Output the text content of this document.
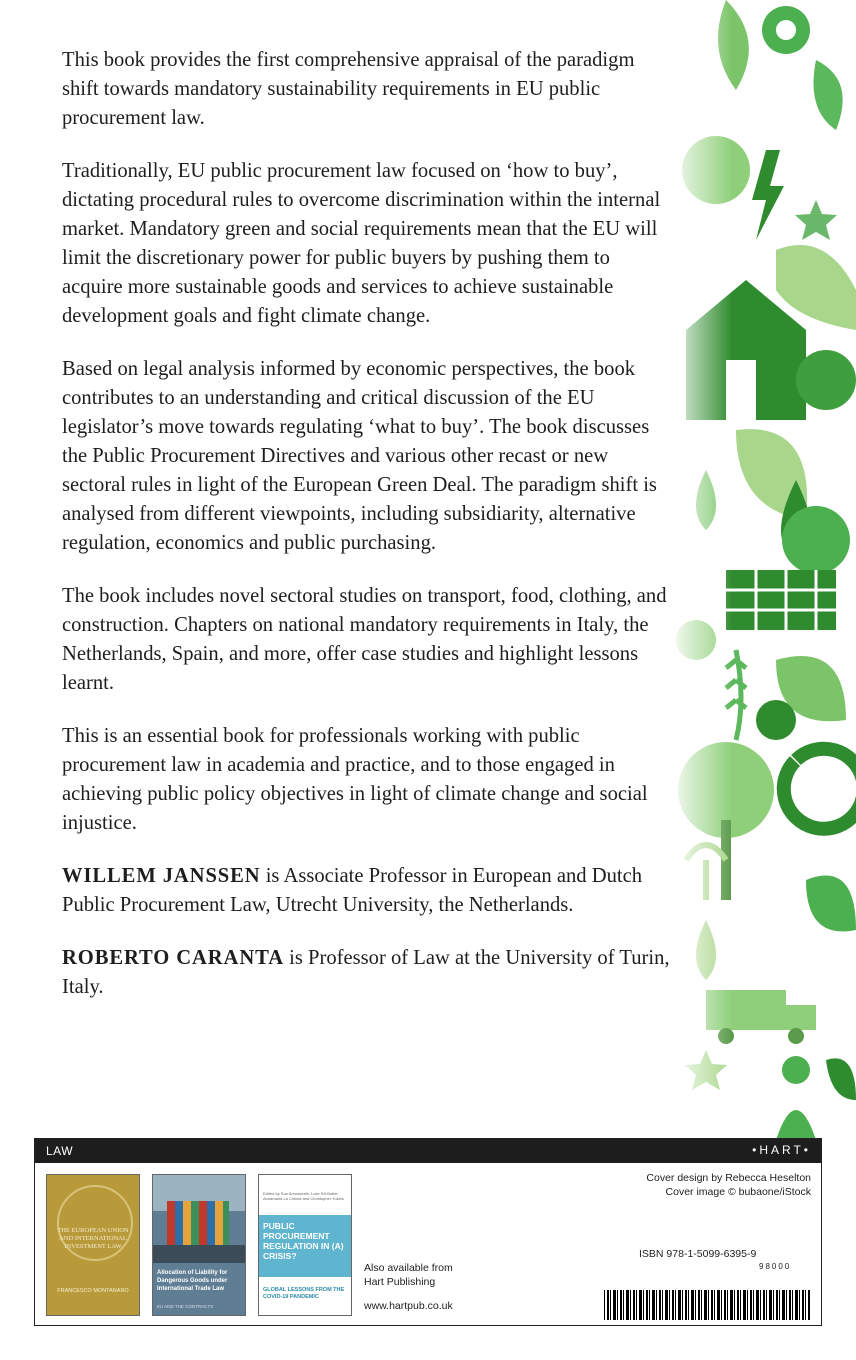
This book provides the first comprehensive appraisal of the paradigm shift towards mandatory sustainability requirements in EU public procurement law.

Traditionally, EU public procurement law focused on ‘how to buy’, dictating procedural rules to overcome discrimination within the internal market. Mandatory green and social requirements mean that the EU will limit the discretionary power for public buyers by pushing them to acquire more sustainable goods and services to achieve sustainable development goals and fight climate change.

Based on legal analysis informed by economic perspectives, the book contributes to an understanding and critical discussion of the EU legislator’s move towards regulating ‘what to buy’. The book discusses the Public Procurement Directives and various other recast or new sectoral rules in light of the European Green Deal. The paradigm shift is analysed from different viewpoints, including subsidiarity, alternative regulation, economics and public purchasing.

The book includes novel sectoral studies on transport, food, clothing, and construction. Chapters on national mandatory requirements in Italy, the Netherlands, Spain, and more, offer case studies and highlight lessons learnt.

This is an essential book for professionals working with public procurement law in academia and practice, and to those engaged in achieving public policy objectives in light of climate change and social injustice.

WILLEM JANSSEN is Associate Professor in European and Dutch Public Procurement Law, Utrecht University, the Netherlands.

ROBERTO CARANTA is Professor of Law at the University of Turin, Italy.

LAW	•HART•
THE EUROPEAN UNION AND INTERNATIONAL INVESTMENT LAW
FRANCESCO MONTANARO
Allocation of Liability for Dangerous Goods under International Trade Law
EU AND THE CONTRACTS
Edited by Sue Arrowsmith, Luke RA Butler, Annamaria La Chimia and Christopher Yukins
PUBLIC PROCUREMENT REGULATION IN (A) CRISIS?
GLOBAL LESSONS FROM THE COVID-19 PANDEMIC
Also available from Hart Publishing
www.hartpub.co.uk
Cover design by Rebecca Heselton
Cover image © bubaone/iStock
ISBN 978-1-5099-6395-9
98000
